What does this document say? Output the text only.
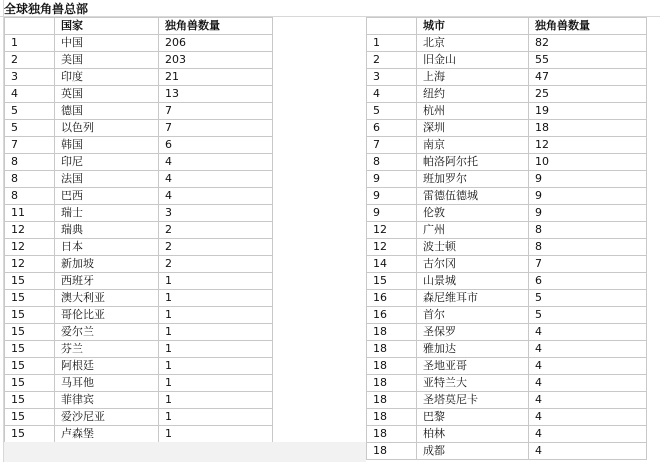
全球独角兽总部
	国家	独角兽数量
1	中国	206
2	美国	203
3	印度	21
4	英国	13
5	德国	7
5	以色列	7
7	韩国	6
8	印尼	4
8	法国	4
8	巴西	4
11	瑞士	3
12	瑞典	2
12	日本	2
12	新加坡	2
15	西班牙	1
15	澳大利亚	1
15	哥伦比亚	1
15	爱尔兰	1
15	芬兰	1
15	阿根廷	1
15	马耳他	1
15	菲律宾	1
15	爱沙尼亚	1
15	卢森堡	1
	城市	独角兽数量
1	北京	82
2	旧金山	55
3	上海	47
4	纽约	25
5	杭州	19
6	深圳	18
7	南京	12
8	帕洛阿尔托	10
9	班加罗尔	9
9	雷德伍德城	9
9	伦敦	9
12	广州	8
12	波士顿	8
14	古尔冈	7
15	山景城	6
16	森尼维耳市	5
16	首尔	5
18	圣保罗	4
18	雅加达	4
18	圣地亚哥	4
18	亚特兰大	4
18	圣塔莫尼卡	4
18	巴黎	4
18	柏林	4
18	成都	4
